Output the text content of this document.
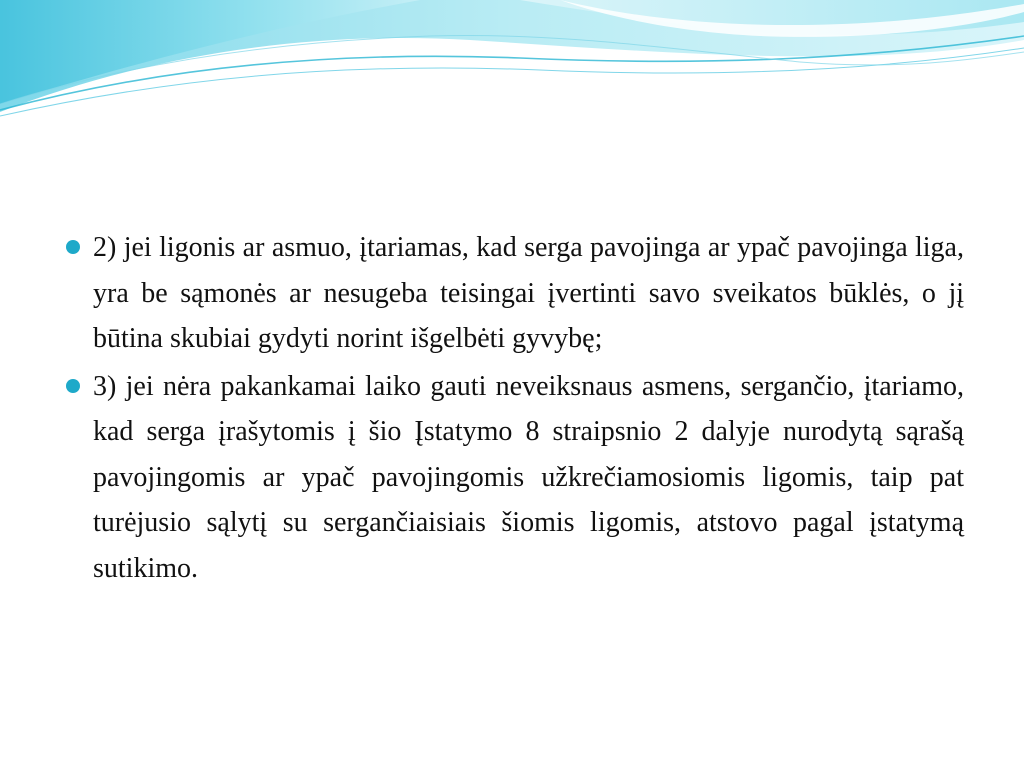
2) jei ligonis ar asmuo, įtariamas, kad serga pavojinga ar ypač pavojinga liga, yra be sąmonės ar nesugeba teisingai įvertinti savo sveikatos būklės, o jį būtina skubiai gydyti norint išgelbėti gyvybę;
3) jei nėra pakankamai laiko gauti neveiksnaus asmens, sergančio, įtariamo, kad serga įrašytomis į šio Įstatymo 8 straipsnio 2 dalyje nurodytą sąrašą pavojingomis ar ypač pavojingomis užkrečiamosiomis ligomis, taip pat turėjusio sąlytį su sergančiaisiais šiomis ligomis, atstovo pagal įstatymą sutikimo.
